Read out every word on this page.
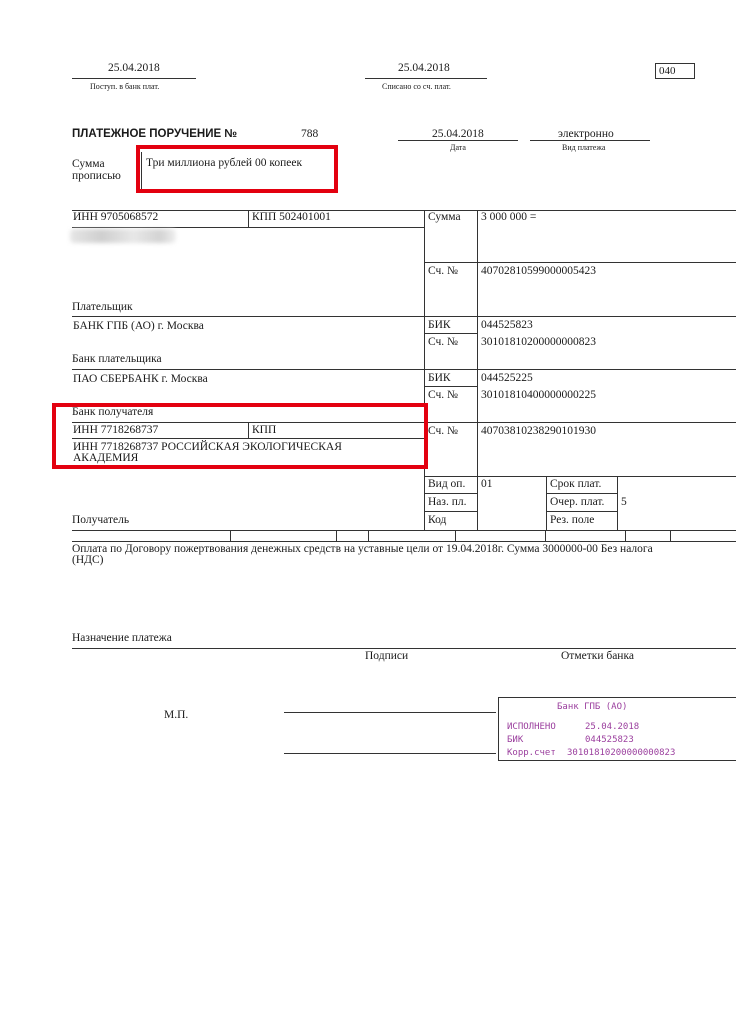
25.04.2018
Поступ. в банк плат.
25.04.2018
Списано со сч. плат.
040
ПЛАТЕЖНОЕ ПОРУЧЕНИЕ №	788	25.04.2018
Дата
электронно
Вид платежа
Сумма
прописью
Три миллиона рублей 00 копеек
ИНН 9705068572	КПП 502401001	Сумма 3 000 000 =
Сч. № 40702810599000005423
Плательщик
БАНК ГПБ (АО) г. Москва	БИК	044525823
Сч. № 30101810200000000823
Банк плательщика
ПАО СБЕРБАНК г. Москва	БИК	044525225
Сч. № 30101810400000000225
Банк получателя
ИНН 7718268737	КПП
ИНН 7718268737 РОССИЙСКАЯ ЭКОЛОГИЧЕСКАЯ
АКАДЕМИЯ
Сч. № 40703810238290101930
Вид оп. 01	Срок плат.
Наз. пл.	Очер. плат. 5
Код	Рез. поле
Получатель
Оплата по Договору пожертвования денежных средств на уставные цели от 19.04.2018г. Сумма 3000000-00 Без налога
(НДС)
Назначение платежа
Подписи	Отметки банка
М.П.
Банк ГПБ (АО)
ИСПОЛНЕНО	25.04.2018
БИК	044525823
Корр.счет 30101810200000000823
